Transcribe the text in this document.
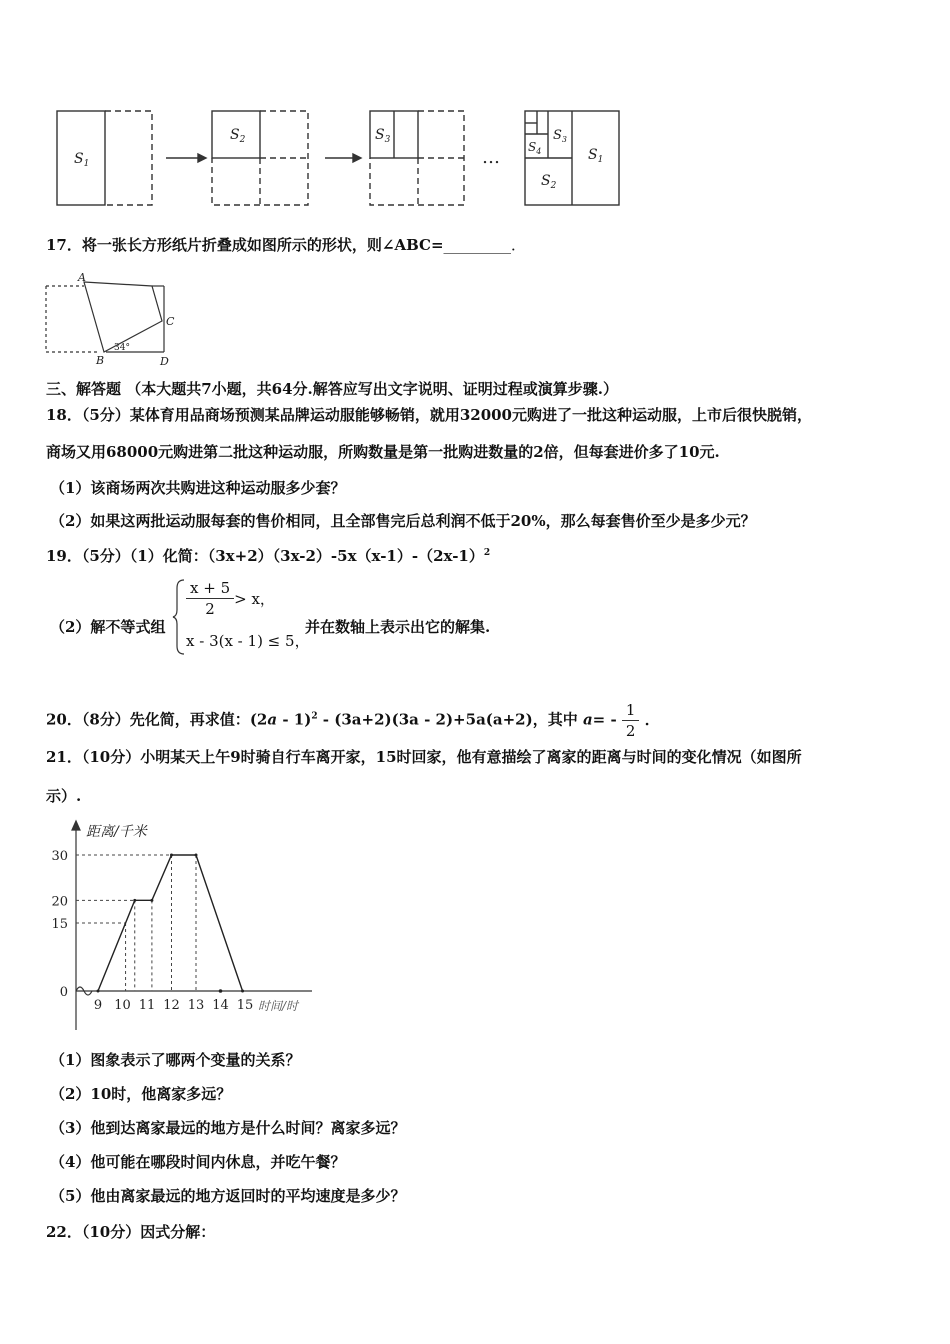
$S_1$
$S_2$	$S_3$	$S_3$
$S_4$
$S_2$
$S_1$
…
17．将一张长方形纸片折叠成如图所示的形状，则∠ABC=_________．
A
B
C
D
34°
三、解答题 （本大题共7小题，共64分.解答应写出文字说明、证明过程或演算步骤.）
18．（5分）某体育用品商场预测某品牌运动服能够畅销，就用32000元购进了一批这种运动服，上市后很快脱销，
商场又用68000元购进第二批这种运动服，所购数量是第一批购进数量的2倍，但每套进价多了10元.
（1）该商场两次共购进这种运动服多少套？
（2）如果这两批运动服每套的售价相同，且全部售完后总利润不低于20%，那么每套售价至少是多少元？
19．（5分）（1）化简：$(3x+2)(3x-2)-5x(x-1)-(2x-1)^2$
（2）解不等式组
$\frac{x + 5}{2} > x$，
x - 3(x - 1) ≤ 5，
并在数轴上表示出它的解集.
20．（8分）先化简，再求值：(2a - 1)$^2$ - (3a+2)(3a - 2)+5a(a+2)，其中 $a= - \frac{1}{2}$ ．
21．（10分）小明某天上午9时骑自行车离开家，15时回家，他有意描绘了离家的距离与时间的变化情况（如图所
示）.
9 10 11 12 13 14 15
0
15
20
30
距离/千米
时间/时
（1）图象表示了哪两个变量的关系？
（2）10时，他离家多远？
（3）他到达离家最远的地方是什么时间？离家多远？
（4）他可能在哪段时间内休息，并吃午餐？
（5）他由离家最远的地方返回时的平均速度是多少？
22．（10分）因式分解：
